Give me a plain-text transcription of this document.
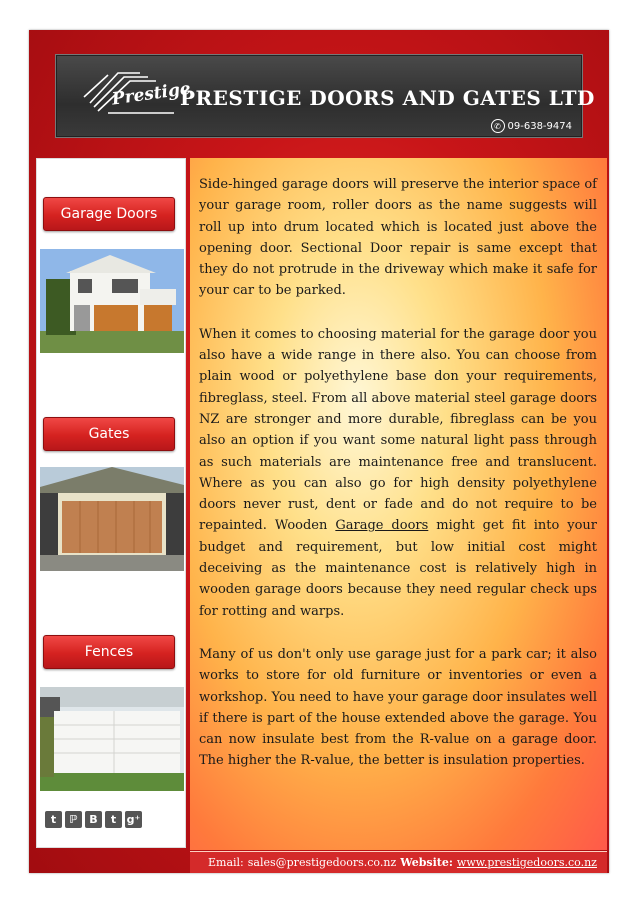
Prestige
PRESTIGE DOORS AND GATES LTD
✆ 09-638-9474
Garage Doors
Gates
Fences
t	ℙ	B	t g⁺

Side-hinged garage doors will preserve the interior space of your garage room, roller doors as the name suggests will roll up into drum located which is located just above the opening door. Sectional Door repair is same except that they do not protrude in the driveway which make it safe for your car to be parked.

When it comes to choosing material for the garage door you also have a wide range in there also. You can choose from plain wood or polyethylene base don your requirements, fibreglass, steel. From all above material steel garage doors NZ are stronger and more durable, fibreglass can be you also an option if you want some natural light pass through as such materials are maintenance free and translucent. Where as you can also go for high density polyethylene doors never rust, dent or fade and do not require to be repainted. Wooden Garage doors might get fit into your budget and requirement, but low initial cost might deceiving as the maintenance cost is relatively high in wooden garage doors because they need regular check ups for rotting and warps.

Many of us don't only use garage just for a park car; it also works to store for old furniture or inventories or even a workshop. You need to have your garage door insulates well if there is part of the house extended above the garage. You can now insulate best from the R-value on a garage door. The higher the R-value, the better is insulation properties.

Email: sales@prestigedoors.co.nz Website: www.prestigedoors.co.nz
